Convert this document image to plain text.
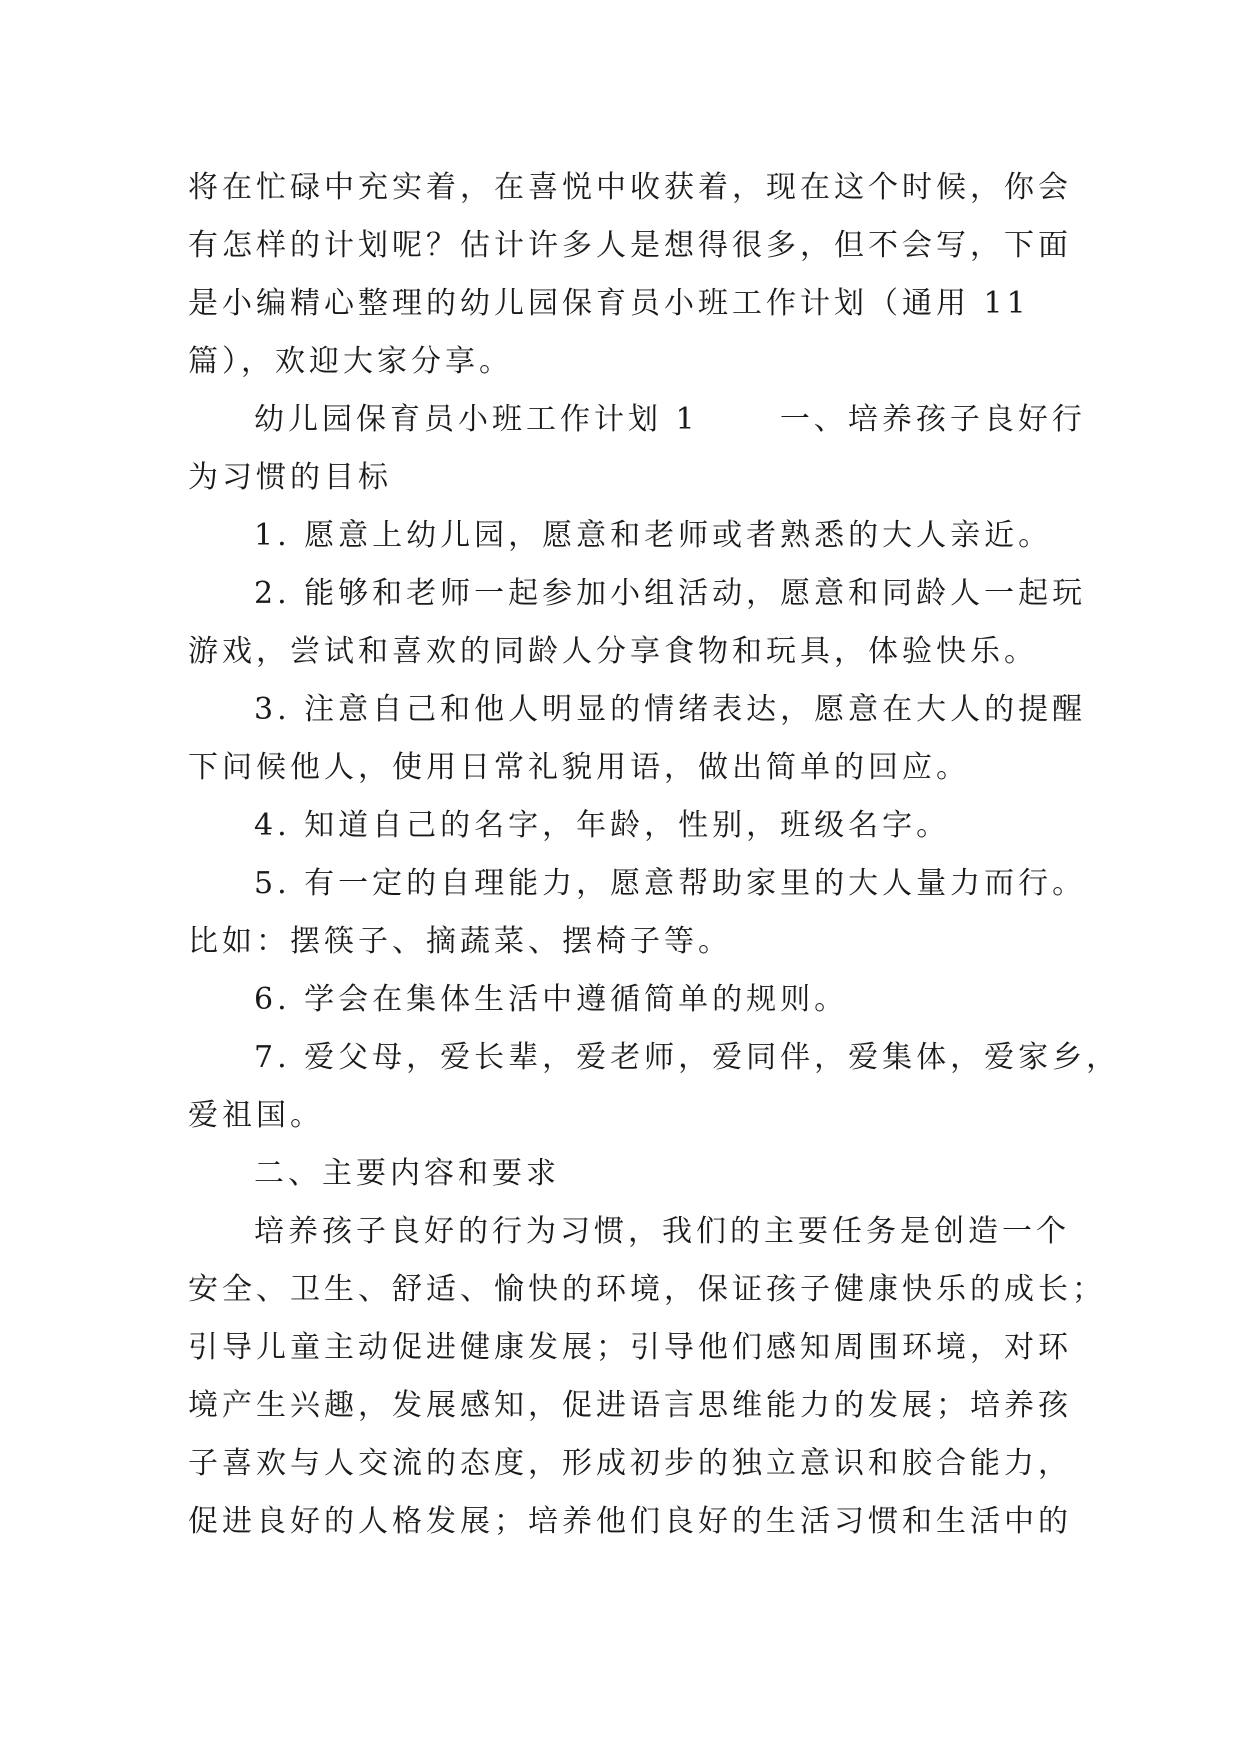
将在忙碌中充实着，在喜悦中收获着，现在这个时候，你会
有怎样的计划呢？估计许多人是想得很多，但不会写，下面
是小编精心整理的幼儿园保育员小班工作计划（通用 11
篇），欢迎大家分享。
幼儿园保育员小班工作计划 1      一、培养孩子良好行
为习惯的目标
1. 愿意上幼儿园，愿意和老师或者熟悉的大人亲近。
2. 能够和老师一起参加小组活动，愿意和同龄人一起玩
游戏，尝试和喜欢的同龄人分享食物和玩具，体验快乐。
3. 注意自己和他人明显的情绪表达，愿意在大人的提醒
下问候他人，使用日常礼貌用语，做出简单的回应。
4. 知道自己的名字，年龄，性别，班级名字。
5. 有一定的自理能力，愿意帮助家里的大人量力而行。
比如：摆筷子、摘蔬菜、摆椅子等。
6. 学会在集体生活中遵循简单的规则。
7. 爱父母，爱长辈，爱老师，爱同伴，爱集体，爱家乡，
爱祖国。
二、主要内容和要求
培养孩子良好的行为习惯，我们的主要任务是创造一个
安全、卫生、舒适、愉快的环境，保证孩子健康快乐的成长；
引导儿童主动促进健康发展；引导他们感知周围环境，对环
境产生兴趣，发展感知，促进语言思维能力的发展；培养孩
子喜欢与人交流的态度，形成初步的独立意识和胶合能力，
促进良好的人格发展；培养他们良好的生活习惯和生活中的
